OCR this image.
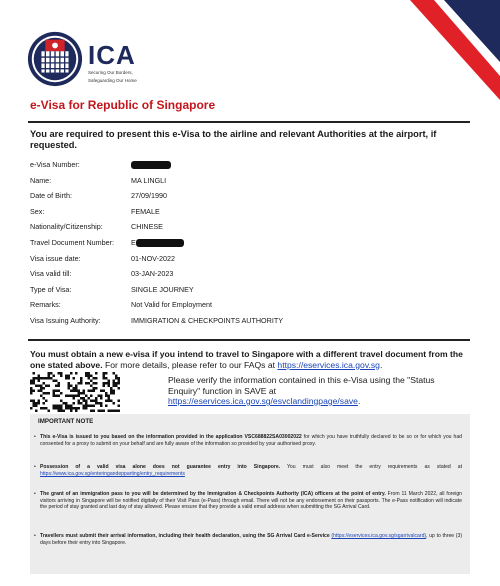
ICA
Securing Our Borders,
Safeguarding Our Home
e-Visa for Republic of Singapore
You are required to present this e-Visa to the airline and relevant Authorities at the airport, if requested.
e-Visa Number:
Name:	MA LINGLI
Date of Birth:	27/09/1990
Sex:	FEMALE
Nationality/Citizenship:	CHINESE
Travel Document Number: E
Visa issue date:	01-NOV-2022
Visa valid till:	03-JAN-2023
Type of Visa:	SINGLE JOURNEY
Remarks:	Not Valid for Employment
Visa Issuing Authority:	IMMIGRATION & CHECKPOINTS AUTHORITY
You must obtain a new e-visa if you intend to travel to Singapore with a different travel document from the one stated above. For more details, please refer to our FAQs at https://eservices.ica.gov.sg.
Please verify the information contained in this e-Visa using the "Status Enquiry" function in SAVE at https://eservices.ica.gov.sg/esvclandingpage/save.
IMPORTANT NOTE
• This e-Visa is issued to you based on the information provided in the application VSC688822SA03002022 for which you have truthfully declared to be so or for which you had consented for a proxy to submit on your behalf and are fully aware of the information so provided by your authorised proxy.
• Possession of a valid visa alone does not guarantee entry into Singapore. You must also meet the entry requirements as stated at https://www.ica.gov.sg/enteringandepparting/entry_requirements
• The grant of an immigration pass to you will be determined by the Immigration & Checkpoints Authority (ICA) officers at the point of entry. From 11 March 2022, all foreign visitors arriving in Singapore will be notified digitally of their Visit Pass (e-Pass) through email. There will not be any endorsement on their passports. The e-Pass notification will indicate the period of stay granted and last day of stay allowed. Please ensure that they provide a valid email address when submitting the SG Arrival Card.
• Travellers must submit their arrival information, including their health declaration, using the SG Arrival Card e-Service (https://eservices.ica.gov.sg/sgarrivalcard), up to three (3) days before their entry into Singapore.
